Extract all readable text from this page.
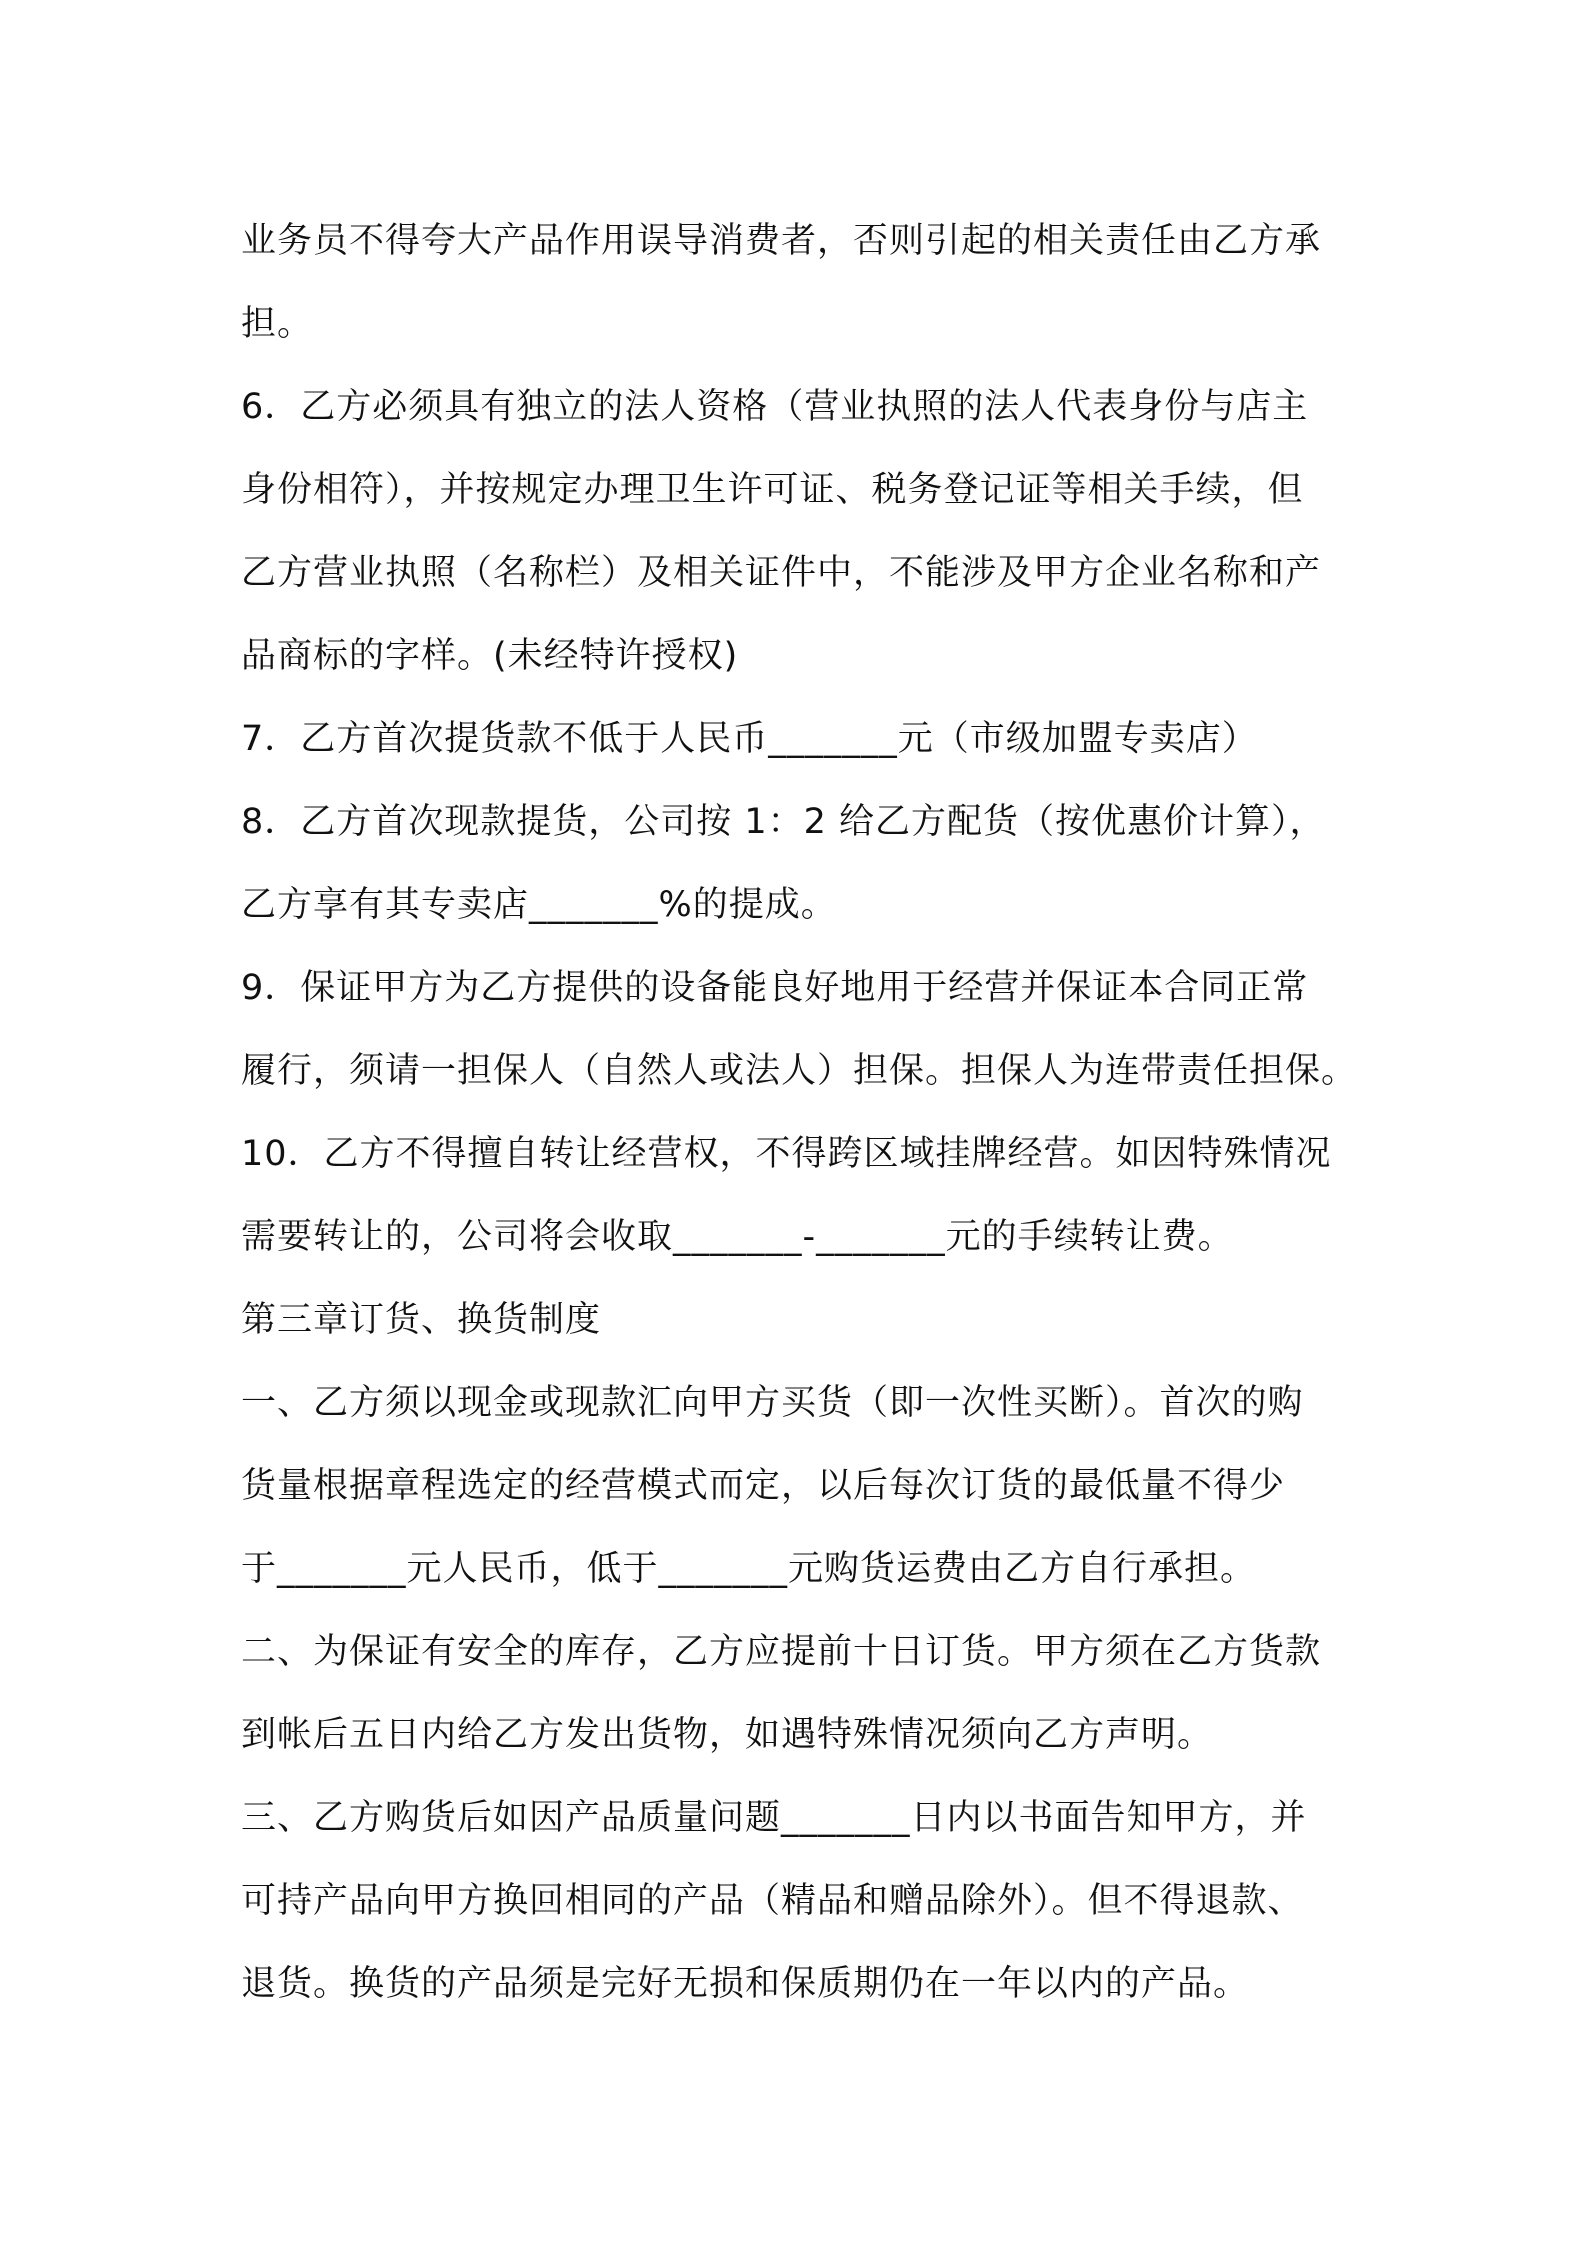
业务员不得夸大产品作用误导消费者，否则引起的相关责任由乙方承
担。
6．乙方必须具有独立的法人资格（营业执照的法人代表身份与店主
身份相符），并按规定办理卫生许可证、税务登记证等相关手续，但
乙方营业执照（名称栏）及相关证件中，不能涉及甲方企业名称和产
品商标的字样。(未经特许授权)
7．乙方首次提货款不低于人民币_______元（市级加盟专卖店）
8．乙方首次现款提货，公司按 1：2 给乙方配货（按优惠价计算），
乙方享有其专卖店_______%的提成。
9．保证甲方为乙方提供的设备能良好地用于经营并保证本合同正常
履行，须请一担保人（自然人或法人）担保。担保人为连带责任担保。
10．乙方不得擅自转让经营权，不得跨区域挂牌经营。如因特殊情况
需要转让的，公司将会收取_______-_______元的手续转让费。
第三章订货、换货制度
一、乙方须以现金或现款汇向甲方买货（即一次性买断）。首次的购
货量根据章程选定的经营模式而定，以后每次订货的最低量不得少
于_______元人民币，低于_______元购货运费由乙方自行承担。
二、为保证有安全的库存，乙方应提前十日订货。甲方须在乙方货款
到帐后五日内给乙方发出货物，如遇特殊情况须向乙方声明。
三、乙方购货后如因产品质量问题_______日内以书面告知甲方，并
可持产品向甲方换回相同的产品（精品和赠品除外）。但不得退款、
退货。换货的产品须是完好无损和保质期仍在一年以内的产品。
